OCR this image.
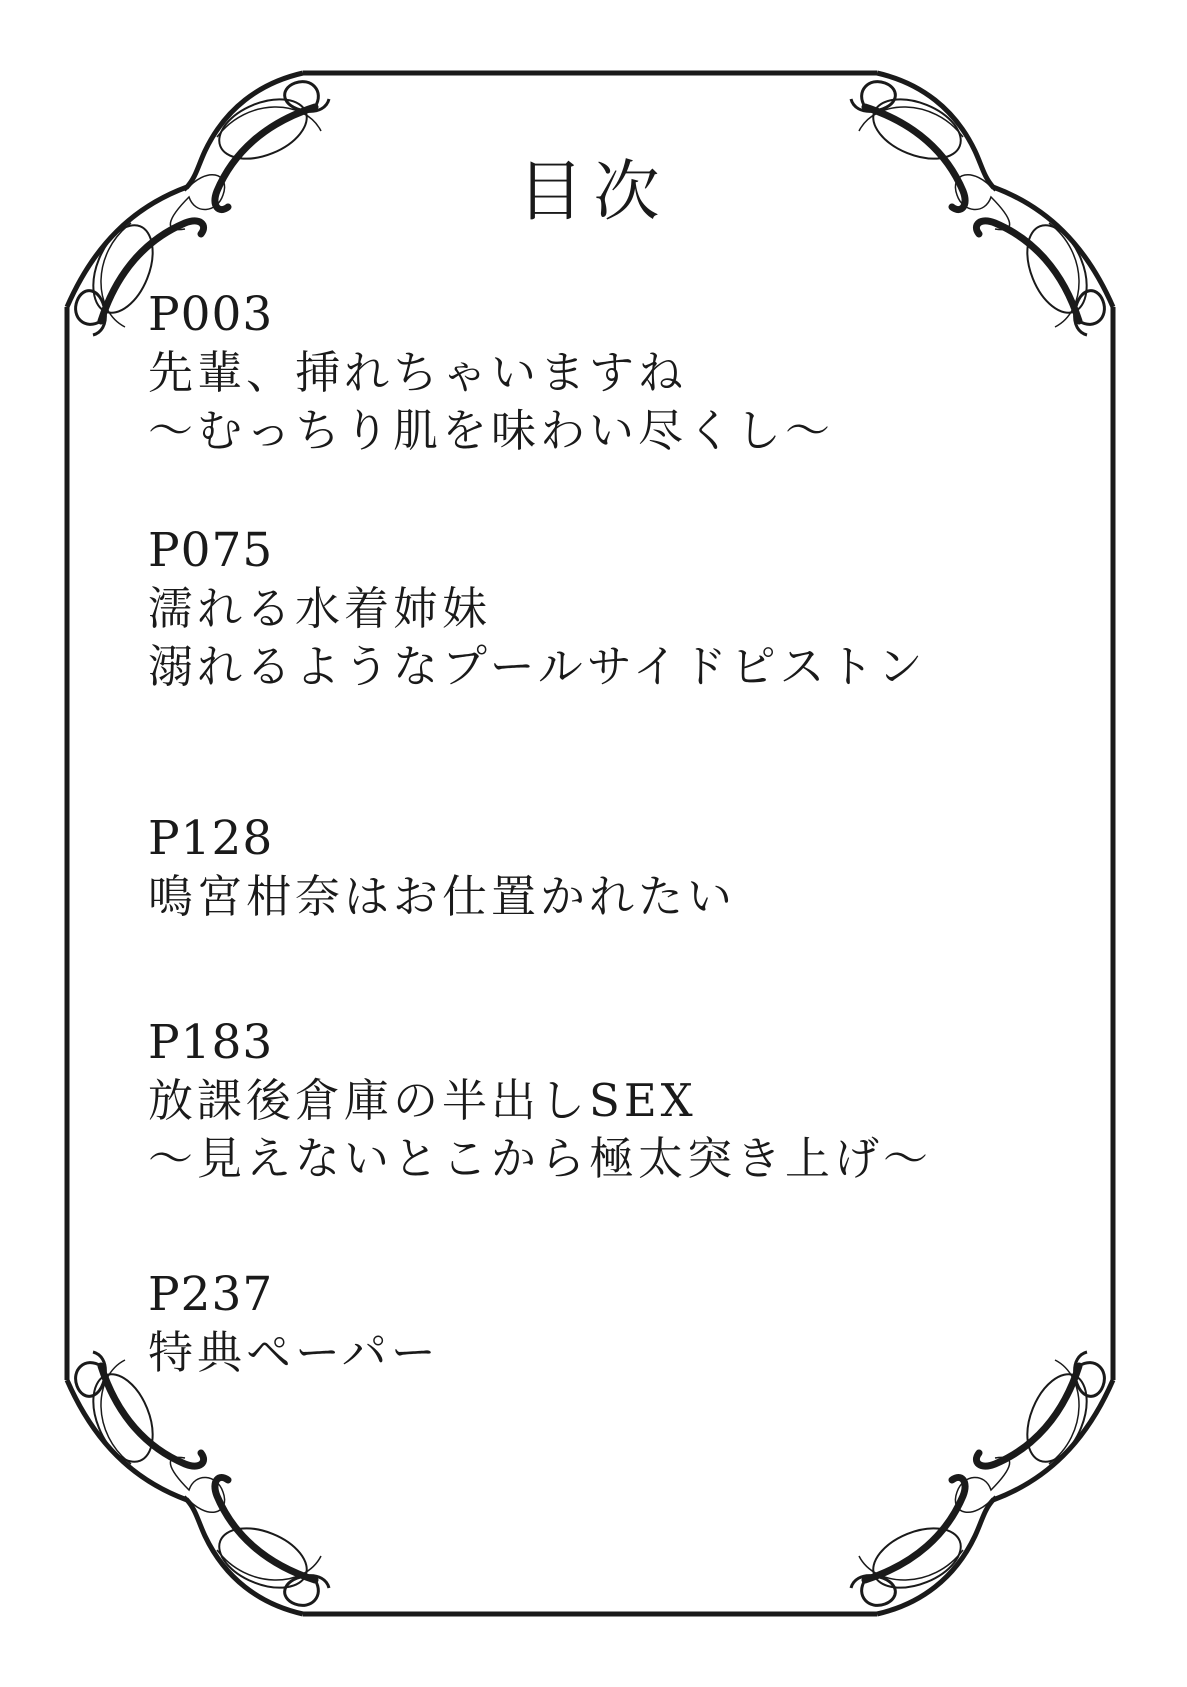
目次
P003
先輩、挿れちゃいますね
～むっちり肌を味わい尽くし～
P075
濡れる水着姉妹
溺れるようなプールサイドピストン
P128
鳴宮柑奈はお仕置かれたい
P183
放課後倉庫の半出しSEX
～見えないとこから極太突き上げ～
P237
特典ペーパー
